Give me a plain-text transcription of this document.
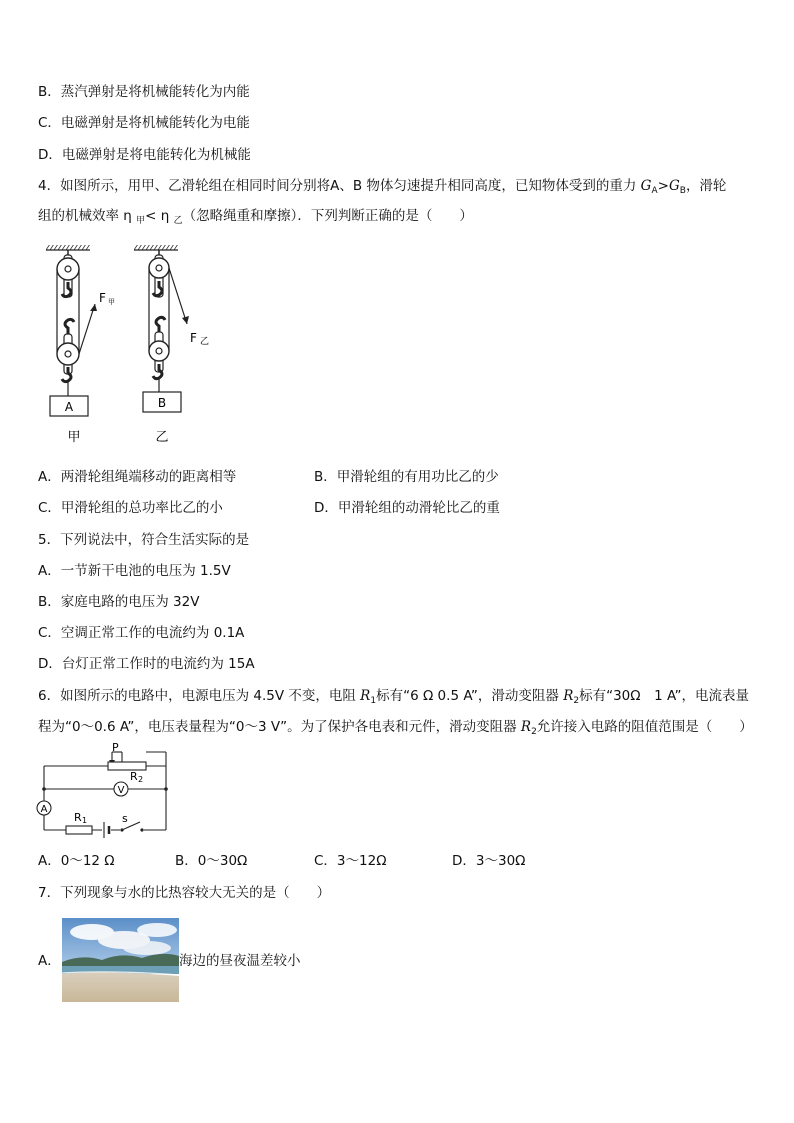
B．蒸汽弹射是将机械能转化为内能
C．电磁弹射是将机械能转化为电能
D．电磁弹射是将电能转化为机械能
4．如图所示，用甲、乙滑轮组在相同时间分别将A、B 物体匀速提升相同高度，已知物体受到的重力 $G_A>G_B$，滑轮
组的机械效率 η $_甲$< η $_乙$（忽略绳重和摩擦）．下列判断正确的是（　　）
F 甲
A
甲
F 乙
B
乙
A．两滑轮组绳端移动的距离相等	B．甲滑轮组的有用功比乙的少
C．甲滑轮组的总功率比乙的小	D．甲滑轮组的动滑轮比乙的重
5．下列说法中，符合生活实际的是
A．一节新干电池的电压为 1.5V
B．家庭电路的电压为 32V
C．空调正常工作的电流约为 0.1A
D．台灯正常工作时的电流约为 15A
6．如图所示的电路中，电源电压为 4.5V 不变，电阻 $R_1$标有“6 Ω 0.5 A”，滑动变阻器 $R_2$标有“30Ω　1 A”，电流表量
程为“0～0.6 A”，电压表量程为“0～3 V”。为了保护各电表和元件，滑动变阻器 $R_2$允许接入电路的阻值范围是（　　）
P
R 2
V
A
R 1	s
A．0～12 Ω	B．0～30Ω	C．3～12Ω	D．3～30Ω
7．下列现象与水的比热容较大无关的是（　　）
A．	海边的昼夜温差较小
